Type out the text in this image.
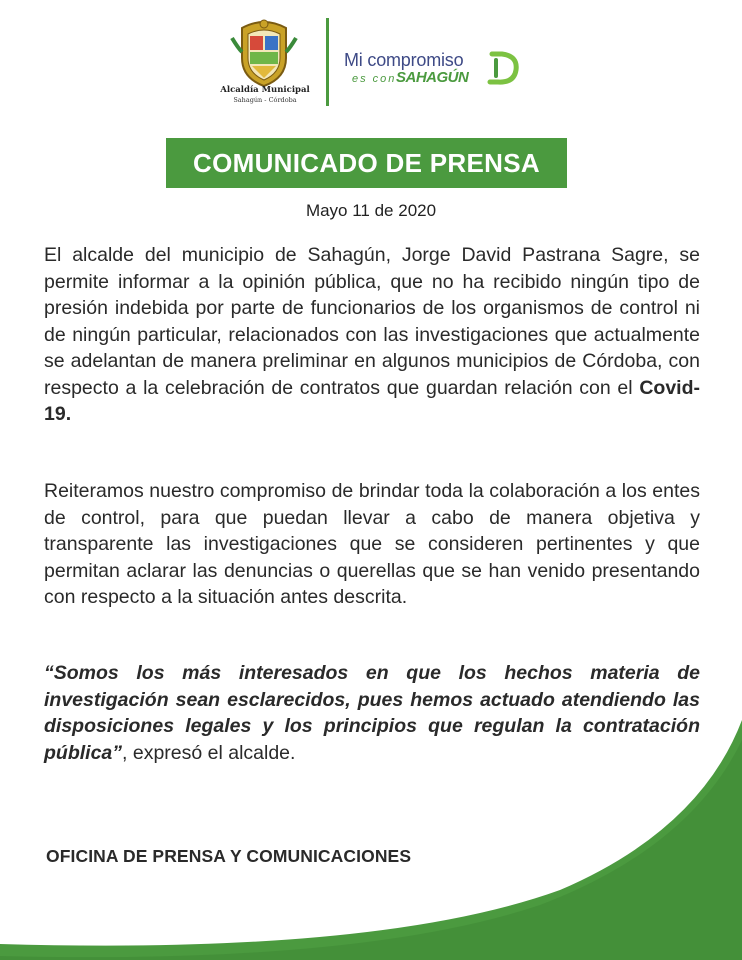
Alcaldía Municipal
Sahagún - Córdoba
Mi compromiso
es con SAHAGÚN
COMUNICADO DE PRENSA
Mayo 11 de 2020

El alcalde del municipio de Sahagún, Jorge David Pastrana Sagre, se permite informar a la opinión pública, que no ha recibido ningún tipo de presión indebida por parte de funcionarios de los organismos de control ni de ningún particular, relacionados con las investigaciones que actualmente se adelantan de manera preliminar en algunos municipios de Córdoba, con respecto a la celebración de contratos que guardan relación con el Covid-19.

Reiteramos nuestro compromiso de brindar toda la colaboración a los entes de control, para que puedan llevar a cabo de manera objetiva y transparente las investigaciones que se consideren pertinentes y que permitan aclarar las denuncias o querellas que se han venido presentando con respecto a la situación antes descrita.

“Somos los más interesados en que los hechos materia de investigación sean esclarecidos, pues hemos actuado atendiendo las disposiciones legales y los principios que regulan la contratación pública”, expresó el alcalde.

OFICINA DE PRENSA Y COMUNICACIONES
